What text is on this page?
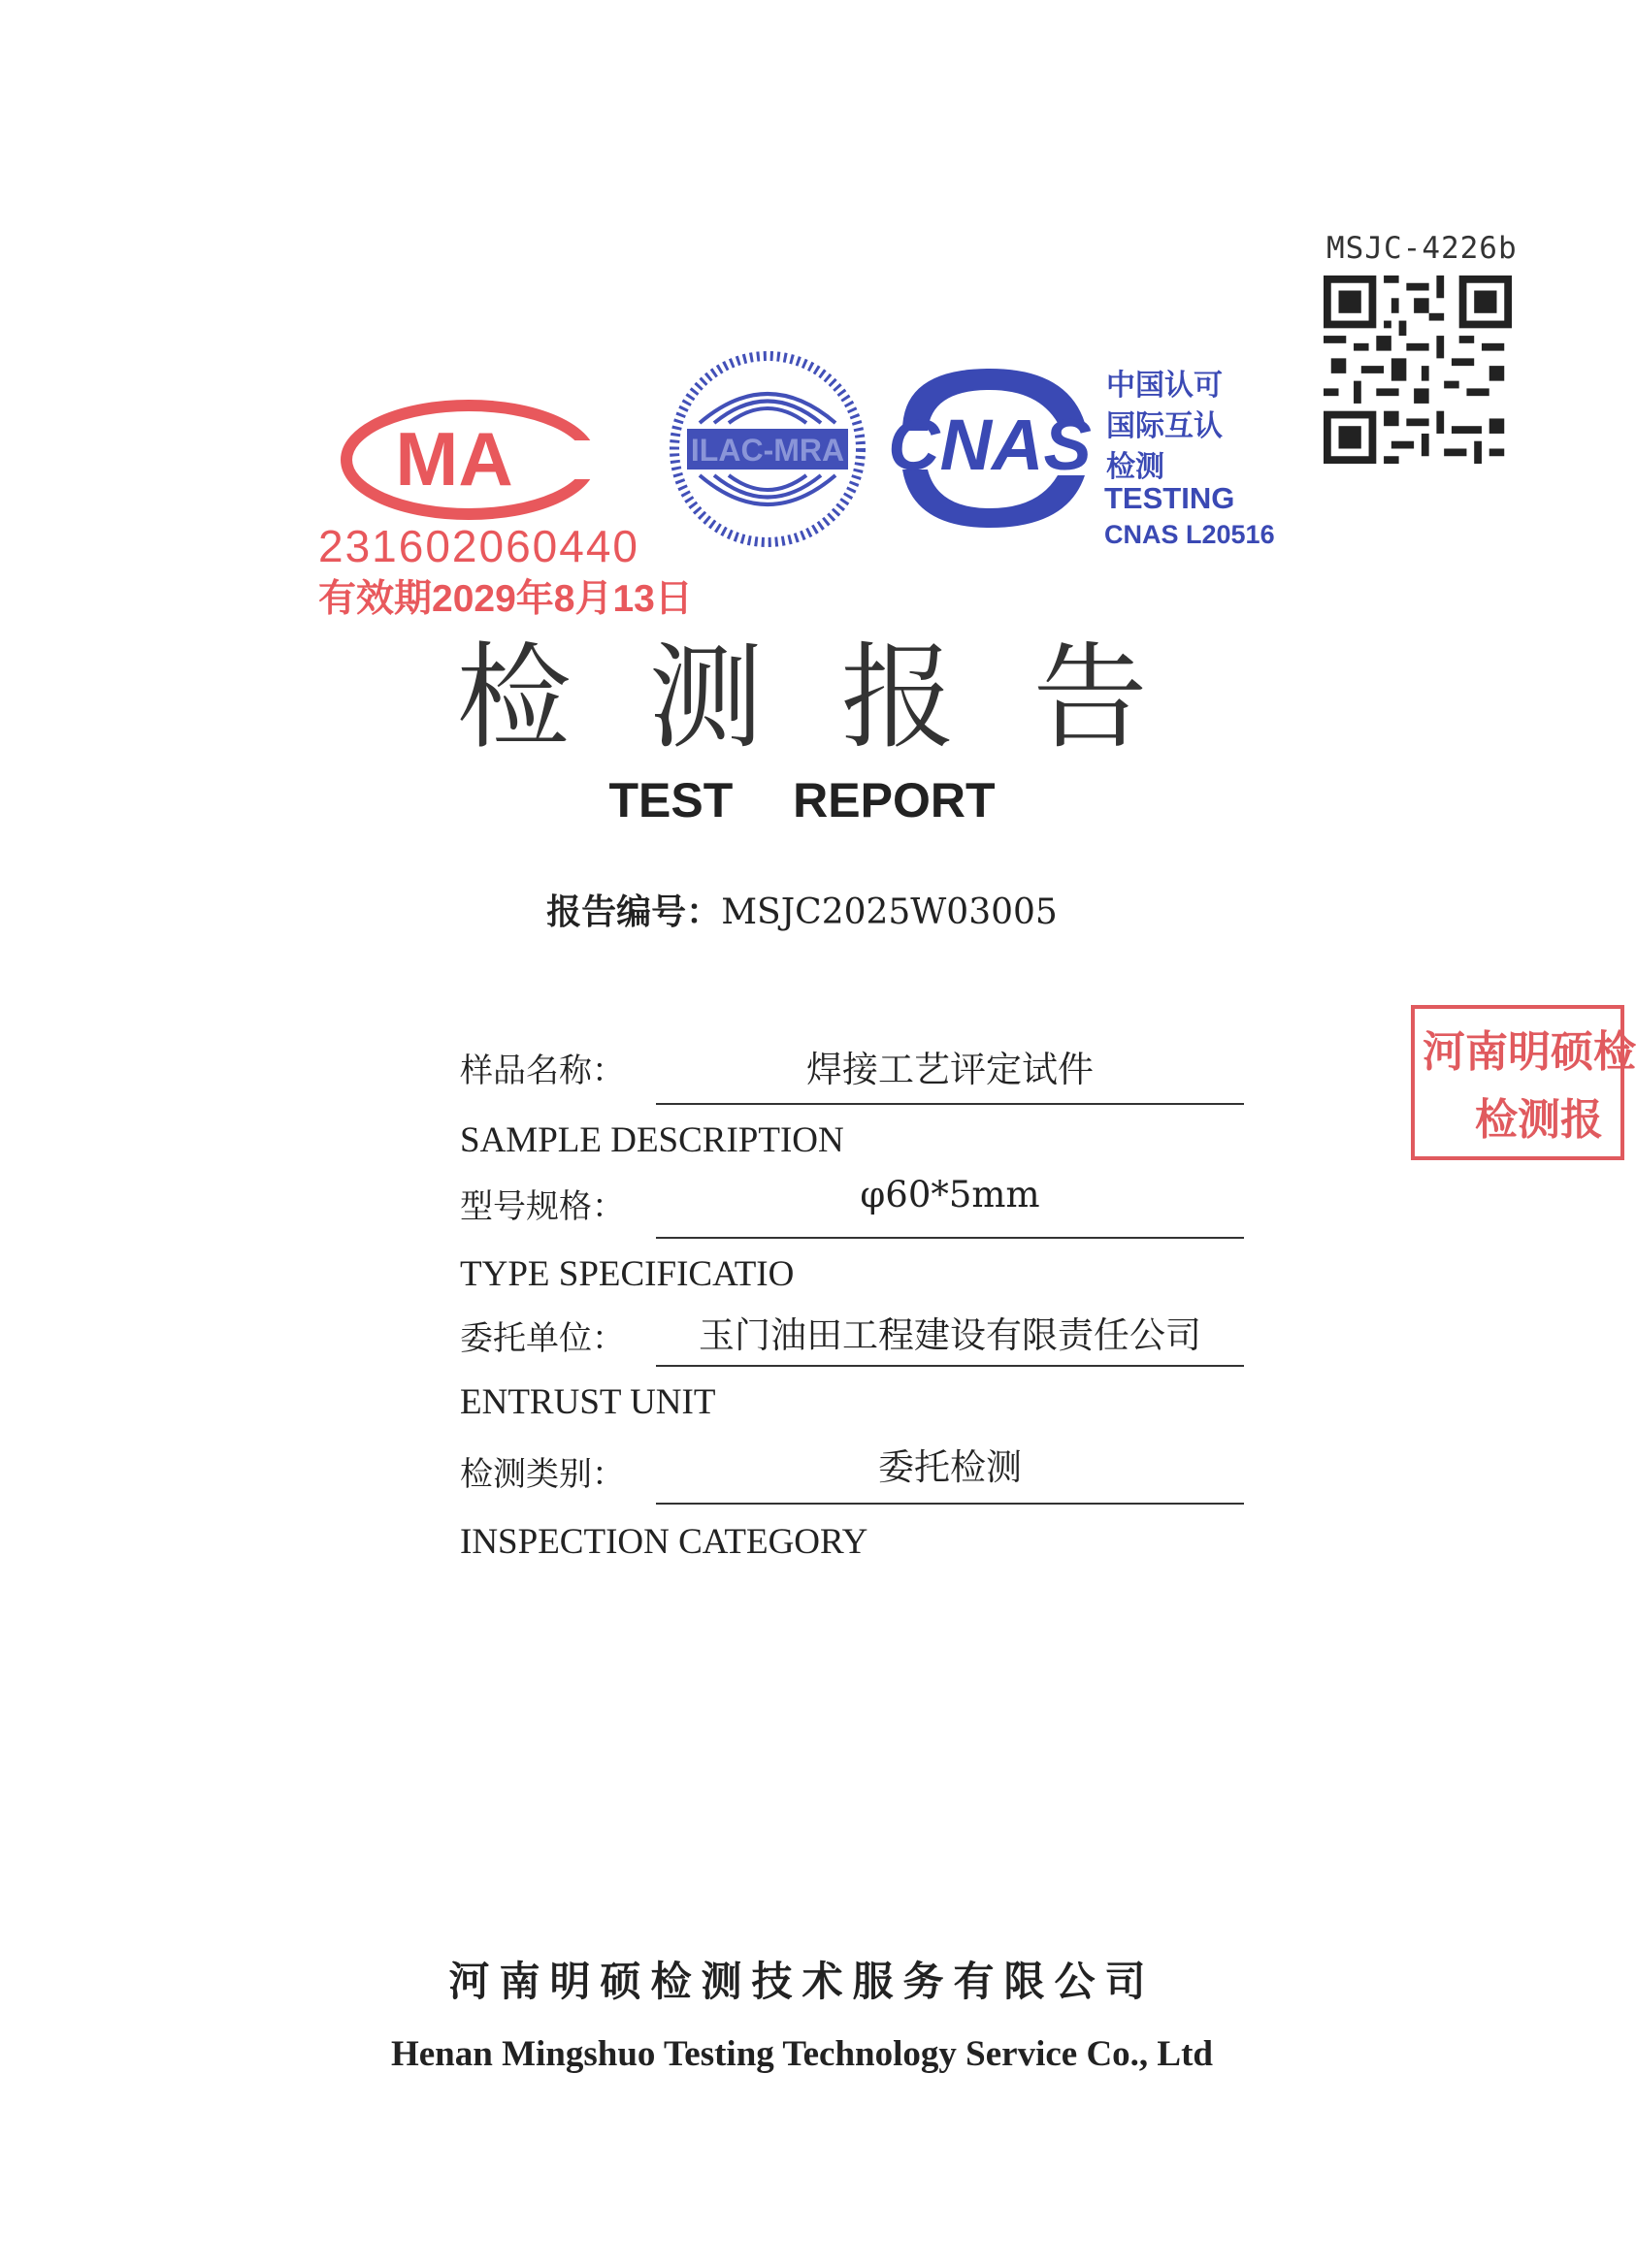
MSJC-4226b
MA
231602060440
有效期2029年8月13日
ILAC-MRA CNAS
中国认可
国际互认
检测
TESTING
CNAS L20516
检测报告
TEST REPORT
报告编号：MSJC2025W03005
样品名称：	焊接工艺评定试件
SAMPLE DESCRIPTION
型号规格：	φ60*5mm
TYPE SPECIFICATIO
委托单位：	玉门油田工程建设有限责任公司
ENTRUST UNIT
检测类别：	委托检测
INSPECTION CATEGORY
河南明硕检
检测报
河南明硕检测技术服务有限公司
Henan Mingshuo Testing Technology Service Co., Ltd
